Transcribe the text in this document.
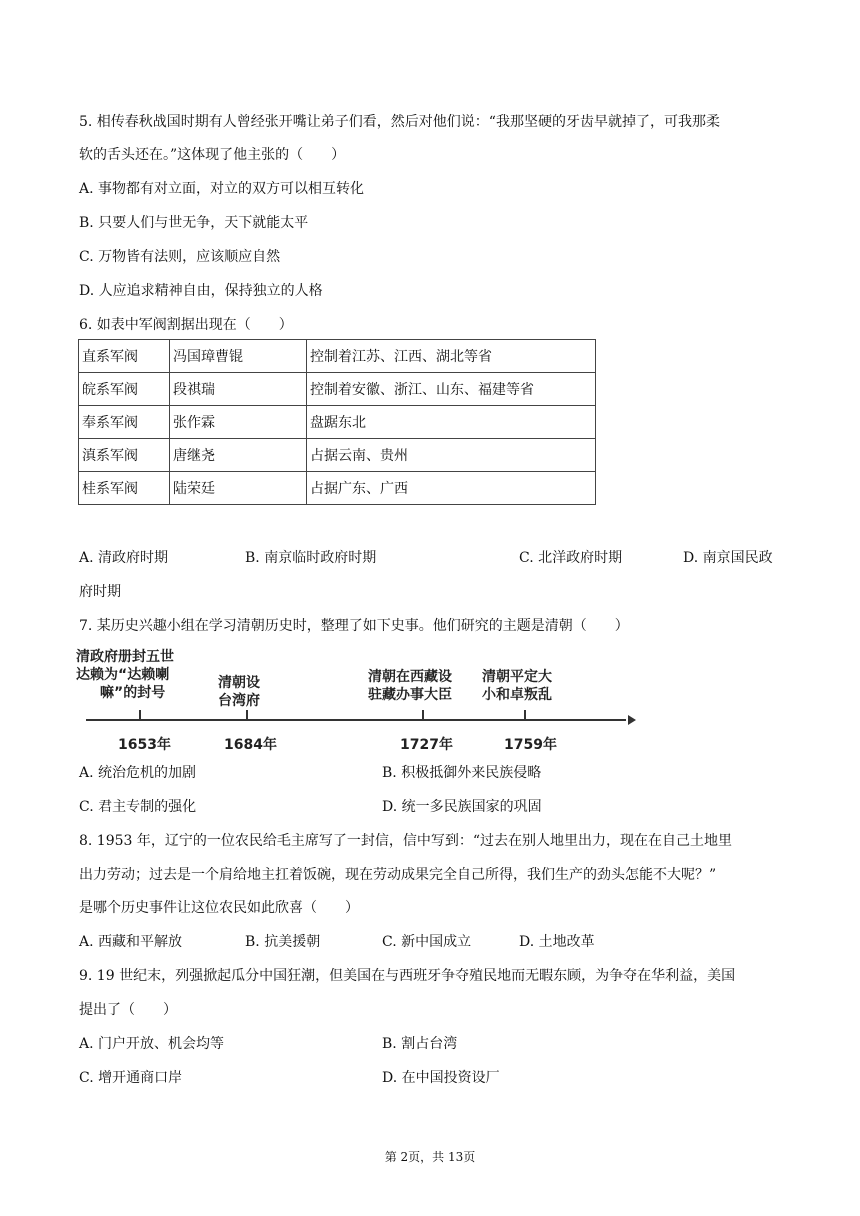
5. 相传春秋战国时期有人曾经张开嘴让弟子们看，然后对他们说：“我那坚硬的牙齿早就掉了，可我那柔
软的舌头还在。”这体现了他主张的（　　）
A. 事物都有对立面，对立的双方可以相互转化
B. 只要人们与世无争，天下就能太平
C. 万物皆有法则，应该顺应自然
D. 人应追求精神自由，保持独立的人格
6. 如表中军阀割据出现在（　　）
直系军阀	冯国璋曹锟	控制着江苏、江西、湖北等省
皖系军阀	段祺瑞	控制着安徽、浙江、山东、福建等省
奉系军阀	张作霖	盘踞东北
滇系军阀	唐继尧	占据云南、贵州
桂系军阀	陆荣廷	占据广东、广西
A. 清政府时期	B. 南京临时政府时期	C. 北洋政府时期	D. 南京国民政
府时期
7. 某历史兴趣小组在学习清朝历史时，整理了如下史事。他们研究的主题是清朝（　　）
清政府册封五世
达赖为“达赖喇
嘛”的封号
清朝设
台湾府
清朝在西藏设
驻藏办事大臣
清朝平定大
小和卓叛乱
1653年	1684年	1727年	1759年
A. 统治危机的加剧	B. 积极抵御外来民族侵略
C. 君主专制的强化	D. 统一多民族国家的巩固
8. 1953 年，辽宁的一位农民给毛主席写了一封信，信中写到：“过去在别人地里出力，现在在自己土地里
出力劳动；过去是一个肩给地主扛着饭碗，现在劳动成果完全自己所得，我们生产的劲头怎能不大呢？”
是哪个历史事件让这位农民如此欣喜（　　）
A. 西藏和平解放	B. 抗美援朝	C. 新中国成立	D. 土地改革
9. 19 世纪末，列强掀起瓜分中国狂潮，但美国在与西班牙争夺殖民地而无暇东顾，为争夺在华利益，美国
提出了（　　）
A. 门户开放、机会均等	B. 割占台湾
C. 增开通商口岸	D. 在中国投资设厂
第 2页，共 13页
